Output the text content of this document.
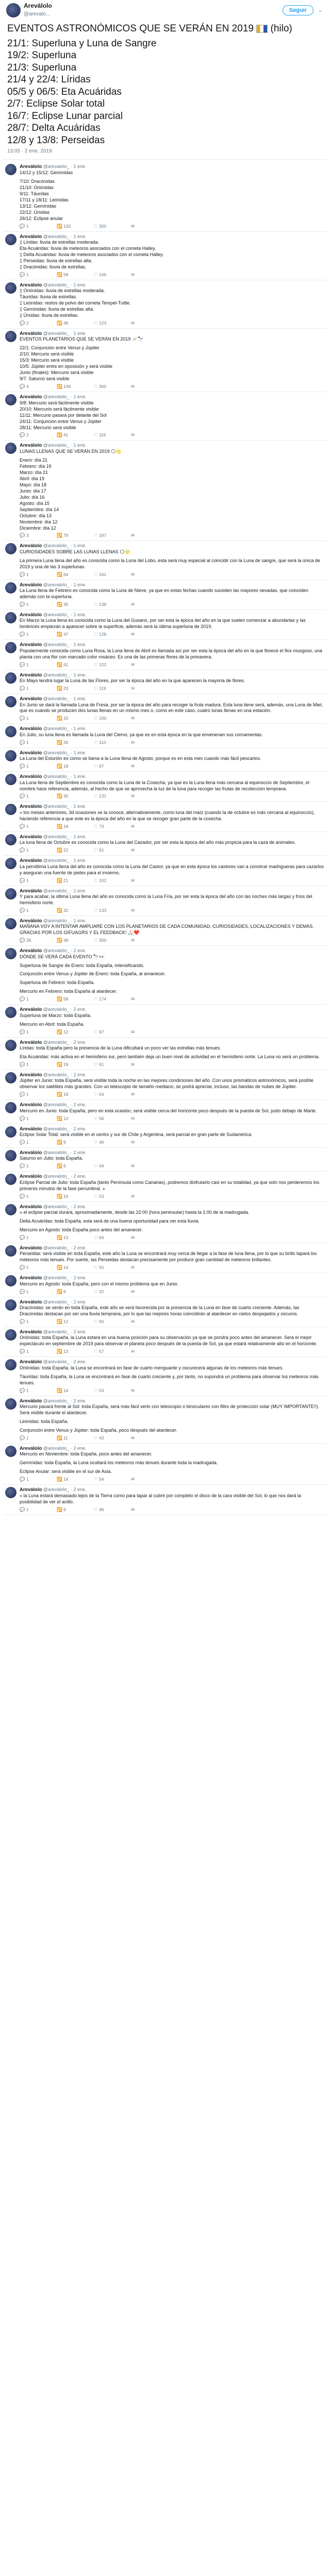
Areválolo
@arevalo...
Seguir	⌄
EVENTOS ASTRONÓMICOS QUE SE VERÁN EN 2019 (hilo)
21/1: Superluna y Luna de Sangre
19/2: Superluna
21/3: Superluna
21/4 y 22/4: Líridas
05/5 y 06/5: Eta Acuáridas
2/7: Eclipse Solar total
16/7: Eclipse Lunar parcial
28/7: Delta Acuáridas
12/8 y 13/8: Perseidas
13:05 · 2 ene. 2019
Areválolo @arevalolo_ · 1 ene.

14/12 y 15/12: Gemínidas

7/10: Dracónidas

21/10: Oriónidas

9/11: Táuridas

17/11 y 18/11: Leónidas

13/12: Gemínidas

22/12: Úrsidas

26/12: Eclipse anular

💬 1	🔁 132	♡ 300	✉
Areválolo @arevalolo_ · 1 ene.

▯ Líridas: lluvia de estrellas moderada.

Eta Acuáridas: lluvia de meteoros asociados con el cometa Halley.

▯ Delta Acuáridas: lluvia de meteoros asociados con el cometa Halley.

▯ Perseidas: lluvia de estrellas alta.

▯ Dracónidas: lluvia de estrellas.

💬 1	🔁 58	♡ 146	✉
Areválolo @arevalolo_ · 1 ene.

▯ Oriónidas: lluvia de estrellas moderada.

Táuridas: lluvia de estrellas.

▯ Leónidas: restos de polvo del cometa Tempel-Tuttle.

▯ Gemínidas: lluvia de estrellas alta.

▯ Úrsidas: lluvia de estrellas.

💬 2	🔁 46	♡ 123	✉
Areválolo @arevalolo_ · 1 ene.

EVENTOS PLANETARIOS QUE SE VERÁN EN 2019 🪐🔭

22/1: Conjunción entre Venus y Júpiter

2/10: Mercurio será visible

15/3: Mercurio será visible

10/5: Júpiter entre en oposición y será visible

Junio (finales): Mercurio será visible

9/7: Saturno será visible

💬 4	🔁 136	♡ 300	✉
Areválolo @arevalolo_ · 1 ene.

9/8: Mercurio será fácilmente visible

20/10: Mercurio será fácilmente visible

11/11: Mercurio pasará por delante del Sol

24/11: Conjunción entre Venus y Júpiter

28/11: Mercurio será visible

💬 2	🔁 41	♡ 116	✉
Areválolo @arevalolo_ · 1 ene.

LUNAS LLENAS QUE SE VERÁN EN 2019 🌕🌝

Enero: día 21

Febrero: día 19

Marzo: día 21

Abril: día 19

Mayo: día 18

Junio: día 17

Julio: día 16

Agosto: día 15

Septiembre: día 14

Octubre: día 13

Noviembre: día 12

Diciembre: día 12

💬 3	🔁 79	♡ 187	✉
Areválolo @arevalolo_ · 1 ene.

CURIOSIDADES SOBRE LAS LUNAS LLENAS 🌕🌝

La primera Luna llena del año es conocida como la Luna del Lobo, esta será muy especial al coincidir con la Luna de sangre, que será la única de 2019 y una de las 3 superlunas.

💬 1	🔁 64	♡ 161	✉
Areválolo @arevalolo_ · 1 ene.

La Luna llena de Febrero es conocida como la Luna de Nieve, ya que en estas fechas cuando suceden las mayores nevadas, que coinciden además con la superluna.

💬 1	🔁 30	♡ 138	✉
Areválolo @arevalolo_ · 1 ene.

En Marzo la Luna llena es conocida como la Luna del Gusano, por ser esta la época del año en la que suelen comenzar a abundarlas y las lombrices empiezan a aparecer sobre la superficie, además será la última superluna de 2019.

💬 1	🔁 47	♡ 128	✉
Areválolo @arevalolo_ · 1 ene.

Popularmente conocida como Luna Rosa, la Luna llena de Abril es llamada así por ser esta la época del año en la que florece el flox musgoso, una planta con una flor con marcado color rosáceo. Es una de las primeras flores de la primavera.

💬 1	🔁 41	♡ 122	✉
Areválolo @arevalolo_ · 1 ene.

En Mayo tendrá lugar la Luna de las Flores, por ser la época del año en la que aparecen la mayoría de flores.

💬 1	🔁 23	♡ 119	✉
Areválolo @arevalolo_ · 1 ene.

En Junio se dará la llamada Luna de Fresa, por ser la época del año para recoger la fruta madura. Esta luna tiene será, además, una Luna de Miel, que es cuando se producen dos lunas llenas en un mismo mes o, como en este caso, cuatro lunas llenas en una estación.

💬 1	🔁 20	♡ 100	✉
Areválolo @arevalolo_ · 1 ene.

En Julio, su luna llena es llamada la Luna del Ciervo, ya que es en esta época en la que envenenan sus cornamentas.

💬 1	🔁 26	♡ 110	✉
Areválolo @arevalolo_ · 1 ene.

La Luna del Esturión es como se llama a la Luna llena de Agosto, porque es en esta mes cuando más fácil pescarlos.

💬 1	🔁 18	♡ 97	✉
Areválolo @arevalolo_ · 1 ene.

La Luna llena de Septiembre es conocida como la Luna de la Cosecha, ya que es la Luna llena más cercana al equinoccio de Septiembre, el nombre hace referencia, además, al hecho de que se aprovecha la luz de la luna para recoger las frutas de recolección temprana.

💬 1	🔁 30	♡ 131	✉
Areválolo @arevalolo_ · 1 ene.

» los meses anteriores, 3d ocasiones se la conoce, alternativamente, como luna del maíz (cuando la de octubre es más cercana al equinoccio), haciendo referencia a que este es la época del año en la que se recoger gran parte de la cosecha.

💬 1	🔁 18	♡ 73	✉
Areválolo @arevalolo_ · 1 ene.

La luna llena de Octubre es conocida como la Luna del Cazador, por ser esta la época del año más propicia para la caza de animales.

💬 1	🔁 22	♡ 91	✉
Areválolo @arevalolo_ · 1 ene.

La penúltima Luna llena del año es conocida como la Luna del Castor, ya que en esta época los castores van a construir madrigueras para cazarlos y aseguran una fuente de pieles para el invierno.

💬 1	🔁 21	♡ 102	✉
Areválolo @arevalolo_ · 1 ene.

Y para acabar, la última Luna llena del año es conocida como la Luna Fría, por ser esta la época del año con las noches más largas y fríos del hemisferio norte.

💬 1	🔁 32	♡ 133	✉
Areválolo @arevalolo_ · 1 ene.

MAÑANA VOY A INTENTAR AMPLIARE CON LOS PLANETARIOS DE CADA COMUNIDAD, CURIOSIDADES, LOCALIZACIONES Y DEMÁS. GRACIAS POR LOS GIFUAGRS Y EL FEEDBACK! 🙏🏻❤️

💬 26	🔁 49	♡ 300	✉
Areválolo @arevalolo_ · 2 ene.

DÓNDE SE VERÁ CADA EVENTO 🔭👀

Superluna de Sangre de Enero: toda España, intensificando.

Conjunción entre Venus y Júpiter de Enero: toda España, al amanecer.

Superluna de Febrero: toda España.

Mercurio en Febrero: toda España al atardecer.

💬 1	🔁 58	♡ 174	✉
Areválolo @arevalolo_ · 2 ene.

Superluna de Marzo: toda España.

Mercurio en Abril: toda España.

💬 1	🔁 12	♡ 87	✉
Areválolo @arevalolo_ · 2 ene.

Líridas: toda España pero la presencia de la Luna dificultará un poco ver las estrellas más tenues.

Eta Acuáridas: más activa en el hemisferio sur, pero también deja un buen nivel de actividad en el hemisferio norte. La Luna no será un problema.

💬 1	🔁 19	♡ 61	✉
Areválolo @arevalolo_ · 2 ene.

Júpiter en Junio: toda España, será visible toda la noche en las mejores condiciones del año. Con unos prismáticos astronómicos, será posible observar los satélites más grandes. Con un telescopio de tamaño mediano, se podrá apreciar, incluso, las bandas de nubes de Júpiter.

💬 1	🔁 18	♡ 54	✉
Areválolo @arevalolo_ · 2 ene.

Mercurio en Junio: toda España, pero en esta ocasión, será visible cerca del horizonte poco después de la puesta de Sol, justo debajo de Marte.

💬 1	🔁 13	♡ 56	✉
Areválolo @arevalolo_ · 2 ene.

Eclipse Solar Total: será visible en el centro y sur de Chile y Argentina, será parcial en gran parte de Sudamérica.

💬 1	🔁 9	♡ 46	✉
Areválolo @arevalolo_ · 2 ene.

Saturno en Julio: toda España.

💬 1	🔁 6	♡ 44	✉
Areválolo @arevalolo_ · 2 ene.

Eclipse Parcial de Julio: toda España (tanto Península como Canarias), podremos disfrutarlo casi en su totalidad, ya que solo nos perderemos los primeros minutos de la fase penumbral. »

💬 1	🔁 10	♡ 53	✉
Areválolo @arevalolo_ · 2 ene.

» el eclipse parcial durará, aproximadamente, desde las 22:00 (hora peninsular) hasta la 1:00 de la madrugada.

Delta Acuáridas: toda España, esta será de una buena oportunidad para ver esta lluvia.

Mercurio en Agosto: toda España poco antes del amanecer.

💬 1	🔁 13	♡ 64	✉
Areválolo @arevalolo_ · 2 ene.

Perseidas: será visible en toda España, este año la Luna se encontrará muy cerca de llegar a la fase de luna llena, por lo que su brillo tapará los meteoros más tenues. Por suerte, las Perseidas destacan precisamente por producir gran cantidad de meteoros brillantes.

💬 1	🔁 14	♡ 55	✉
Areválolo @arevalolo_ · 2 ene.

Mercurio en Agosto: toda España, pero con el mismo problema que en Junio.

💬 1	🔁 6	♡ 32	✉
Areválolo @arevalolo_ · 2 ene.

Dracónidas: se verán en toda España, este año se verá favorecida por la presencia de la Luna en fase de cuarto creciente. Además, las Dracónidas destacan por ser una lluvia temprana, por lo que las mejores horas coincidirán al atardecer en cielos despejados y oscuros.

💬 1	🔁 12	♡ 55	✉
Areválolo @arevalolo_ · 2 ene.

Oriónidas: toda España, la Luna estará en una buena posición para su observación ya que se pondrá poco antes del amanecer. Será el mejor espectáculo en septiembre de 2019 para observar el planeta poco después de la puesta de Sol, ya que estará relativamente alto en el horizonte.

💬 1	🔁 13	♡ 57	✉
Areválolo @arevalolo_ · 2 ene.

Oriónidas: toda España, la Luna se encontrará en fase de cuarto menguante y oscurecerá algunas de los meteoros más tenues.

Táuridas: toda España, la Luna se encontrará en fase de cuarto creciente y, por tanto, no supondrá un problema para observar los meteoros más tenues.

💬 1	🔁 14	♡ 53	✉
Areválolo @arevalolo_ · 2 ene.

Mercurio pasará frente al Sol: toda España, será más fácil verlo con telescopio o binoculares con filtro de protección solar (MUY IMPORTANTE!!). Será visible durante el atardecer.

Leónidas: toda España.

Conjunción entre Venus y Júpiter: toda España, poco después del atardecer.

💬 1	🔁 11	♡ 43	✉
Areválolo @arevalolo_ · 2 ene.

Mercurio en Noviembre: toda España, poco antes del amanecer.

Gemínidas: toda España, la Luna ocultará los meteoros más tenues durante toda la madrugada.

Eclipse Anular: será visible en el sur de Asia.

💬 1	🔁 14	♡ 54	✉
Areválolo @arevalolo_ · 2 ene.

» la Luna estará demasiado lejos de la Tierra como para tapar al cubrir por completo el disco de la cara visible del Sol, lo que nos dará la posibilidad de ver el anillo.

💬 1	🔁 9	♡ 46	✉
